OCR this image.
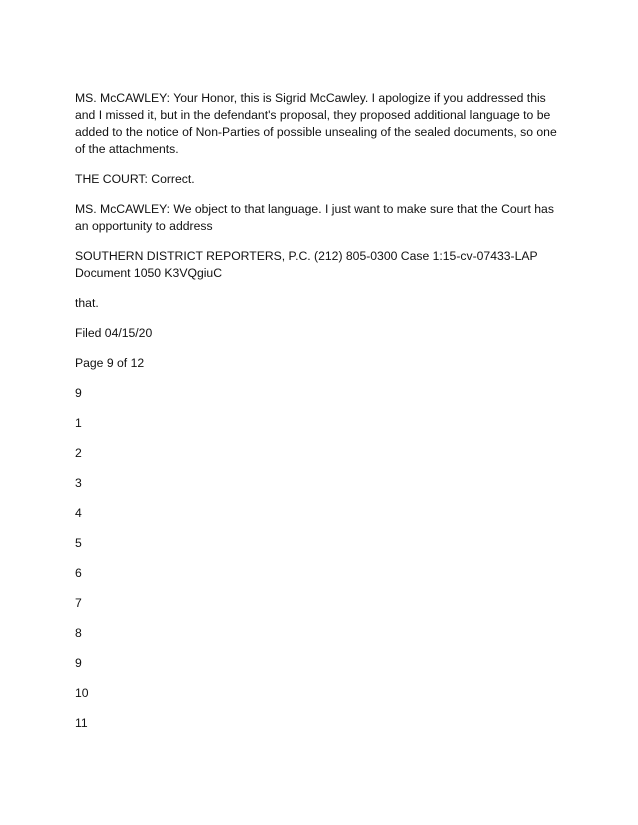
MS. McCAWLEY: Your Honor, this is Sigrid McCawley. I apologize if you addressed this and I missed it, but in the defendant's proposal, they proposed additional language to be added to the notice of Non-Parties of possible unsealing of the sealed documents, so one of the attachments.

THE COURT: Correct.

MS. McCAWLEY: We object to that language. I just want to make sure that the Court has an opportunity to address

SOUTHERN DISTRICT REPORTERS, P.C. (212) 805-0300 Case 1:15-cv-07433-LAP Document 1050 K3VQgiuC

that.

Filed 04/15/20

Page 9 of 12

9
1
2
3
4
5
6
7
8
9
10
11
